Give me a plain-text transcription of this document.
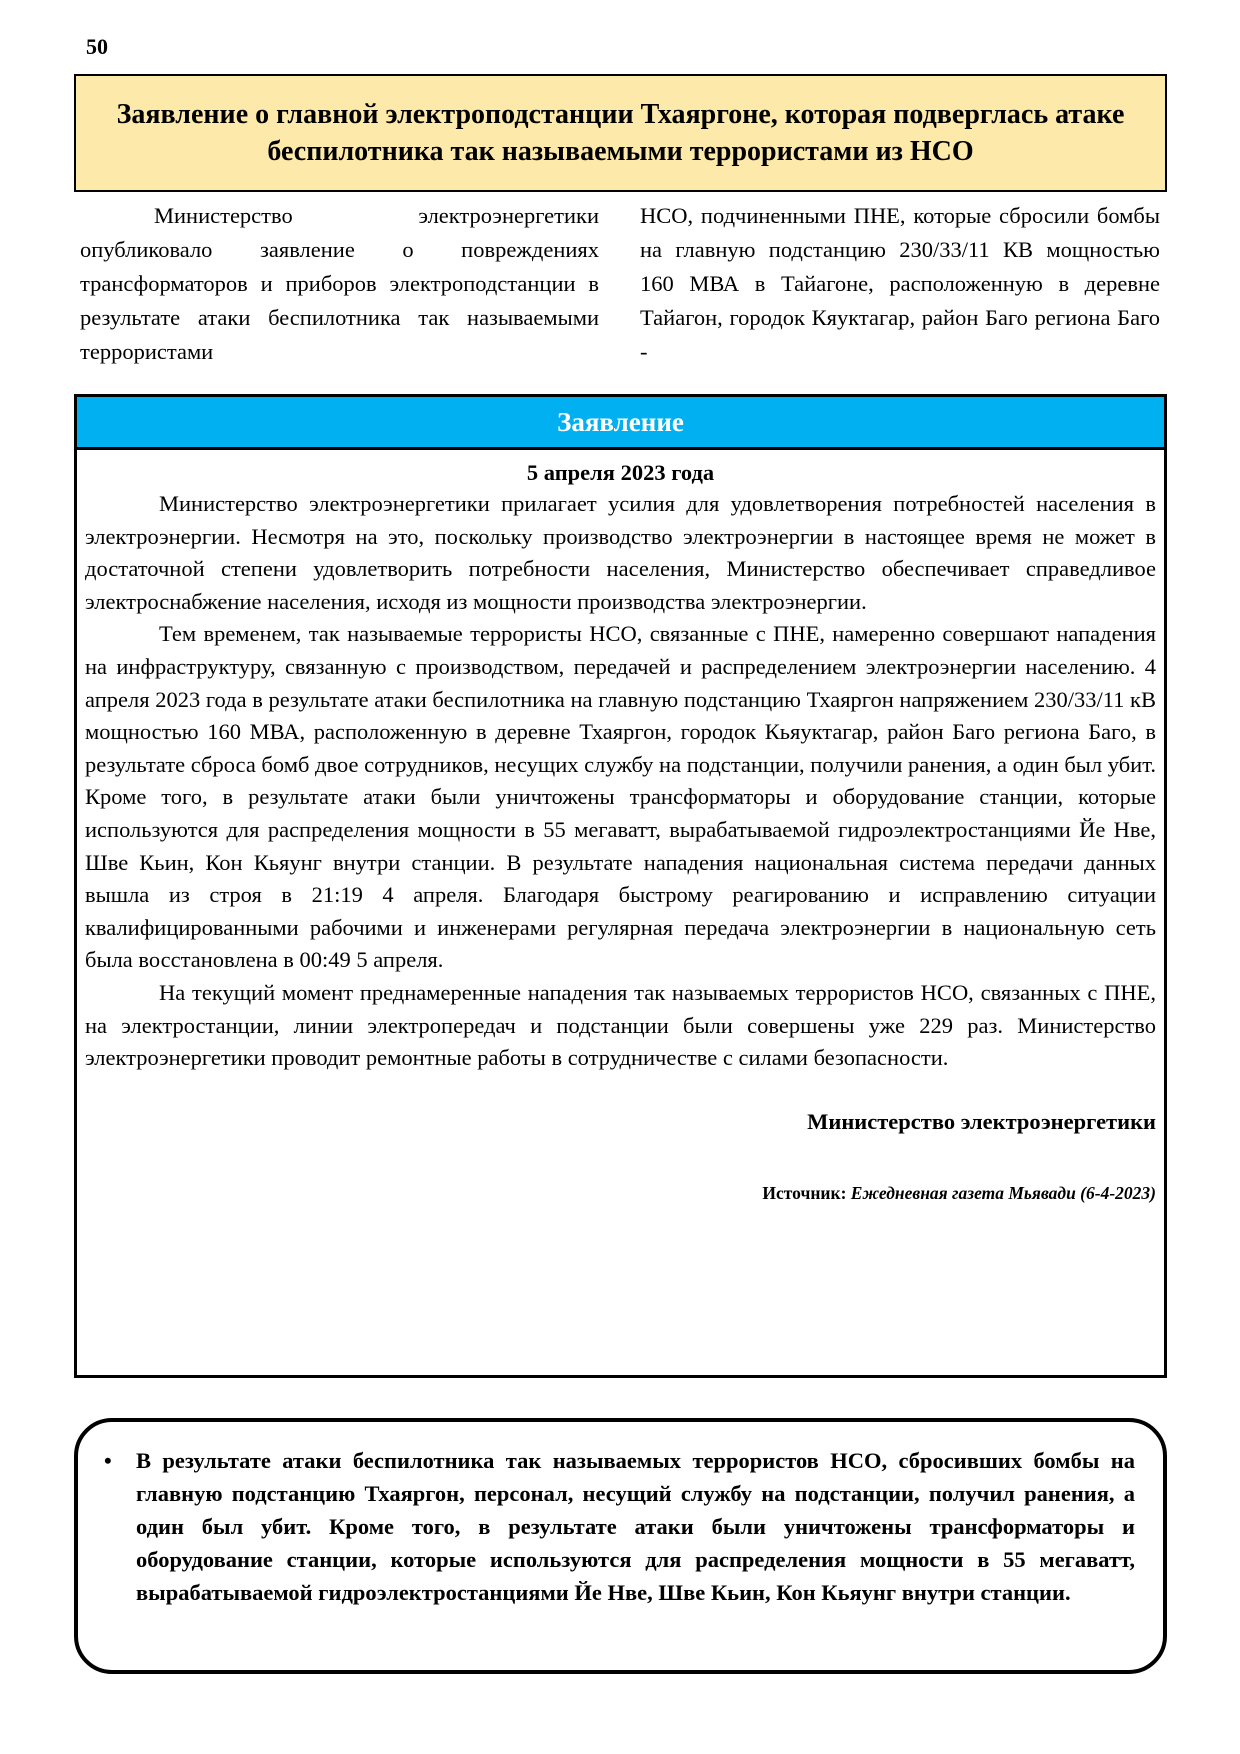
50
Заявление о главной электроподстанции Тхаяргоне, которая подверглась атаке беспилотника так называемыми террористами из НСО

Министерство электроэнергетики опубликовало заявление о повреждениях трансформаторов и приборов электроподстанции в результате атаки беспилотника так называемыми террористами

НСО, подчиненными ПНЕ, которые сбросили бомбы на главную подстанцию 230/33/11 КВ мощностью 160 МВА в Тайагоне, расположенную в деревне Тайагон, городок Кяуктагар, район Баго региона Баго -

Заявление
5 апреля 2023 года

Министерство электроэнергетики прилагает усилия для удовлетворения потребностей населения в электроэнергии. Несмотря на это, поскольку производство электроэнергии в настоящее время не может в достаточной степени удовлетворить потребности населения, Министерство обеспечивает справедливое электроснабжение населения, исходя из мощности производства электроэнергии.

Тем временем, так называемые террористы НСО, связанные с ПНЕ, намеренно совершают нападения на инфраструктуру, связанную с производством, передачей и распределением электроэнергии населению. 4 апреля 2023 года в результате атаки беспилотника на главную подстанцию Тхаяргон напряжением 230/33/11 кВ мощностью 160 МВА, расположенную в деревне Тхаяргон, городок Кьяуктагар, район Баго региона Баго, в результате сброса бомб двое сотрудников, несущих службу на подстанции, получили ранения, а один был убит. Кроме того, в результате атаки были уничтожены трансформаторы и оборудование станции, которые используются для распределения мощности в 55 мегаватт, вырабатываемой гидроэлектростанциями Йе Нве, Шве Кьин, Кон Кьяунг внутри станции. В результате нападения национальная система передачи данных вышла из строя в 21:19 4 апреля. Благодаря быстрому реагированию и исправлению ситуации квалифицированными рабочими и инженерами регулярная передача электроэнергии в национальную сеть была восстановлена в 00:49 5 апреля.

На текущий момент преднамеренные нападения так называемых террористов НСО, связанных с ПНЕ, на электростанции, линии электропередач и подстанции были совершены уже 229 раз. Министерство электроэнергетики проводит ремонтные работы в сотрудничестве с силами безопасности.

Министерство электроэнергетики
Источник: Ежедневная газета Мьявади (6-4-2023)
• В результате атаки беспилотника так называемых террористов НСО, сбросивших бомбы на главную подстанцию Тхаяргон, персонал, несущий службу на подстанции, получил ранения, а один был убит. Кроме того, в результате атаки были уничтожены трансформаторы и оборудование станции, которые используются для распределения мощности в 55 мегаватт, вырабатываемой гидроэлектростанциями Йе Нве, Шве Кьин, Кон Кьяунг внутри станции.
